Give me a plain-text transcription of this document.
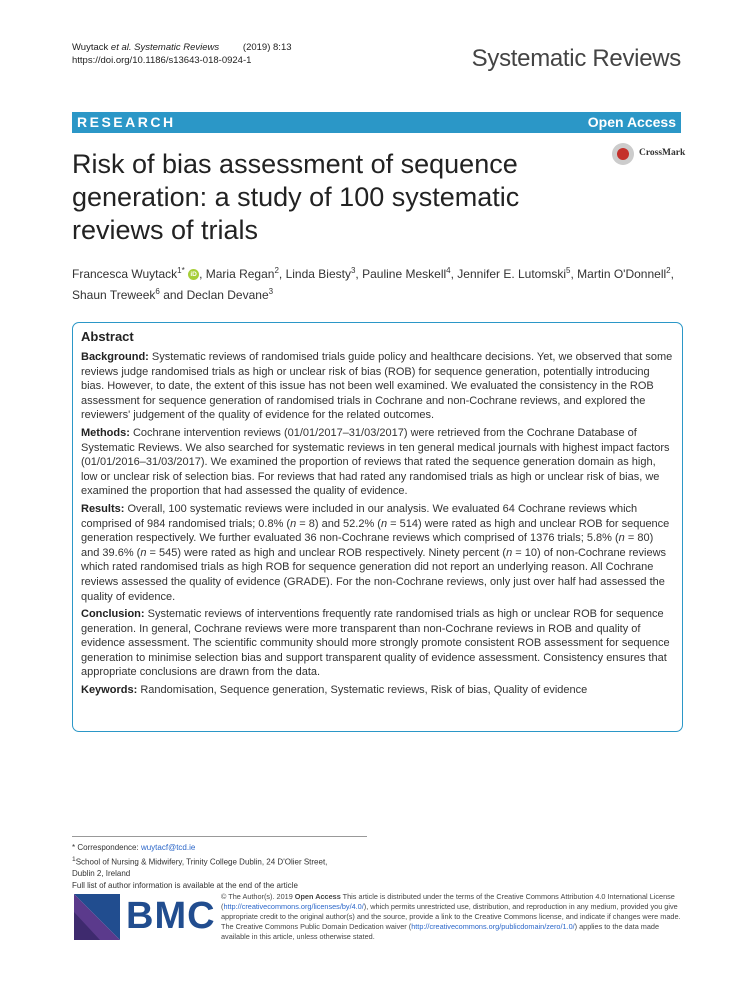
Wuytack et al. Systematic Reviews	(2019) 8:13
https://doi.org/10.1186/s13643-018-0924-1	Systematic Reviews
RESEARCH	Open Access
Risk of bias assessment of sequence
generation: a study of 100 systematic
reviews of trials
CrossMark
Francesca Wuytack$^{1*}$ iD , Maria Regan$^2$, Linda Biesty$^3$, Pauline Meskell$^4$, Jennifer E. Lutomski$^5$, Martin O'Donnell$^2$, Shaun Treweek$^6$ and Declan Devane$^3$
Abstract

Background: Systematic reviews of randomised trials guide policy and healthcare decisions. Yet, we observed that some reviews judge randomised trials as high or unclear risk of bias (ROB) for sequence generation, potentially introducing bias. However, to date, the extent of this issue has not been well examined. We evaluated the consistency in the ROB assessment for sequence generation of randomised trials in Cochrane and non-Cochrane reviews, and explored the reviewers' judgement of the quality of evidence for the related outcomes.

Methods: Cochrane intervention reviews (01/01/2017–31/03/2017) were retrieved from the Cochrane Database of Systematic Reviews. We also searched for systematic reviews in ten general medical journals with highest impact factors (01/01/2016–31/03/2017). We examined the proportion of reviews that rated the sequence generation domain as high, low or unclear risk of selection bias. For reviews that had rated any randomised trials as high or unclear risk of bias, we examined the proportion that had assessed the quality of evidence.

Results: Overall, 100 systematic reviews were included in our analysis. We evaluated 64 Cochrane reviews which comprised of 984 randomised trials; 0.8% (n = 8) and 52.2% (n = 514) were rated as high and unclear ROB for sequence generation respectively. We further evaluated 36 non-Cochrane reviews which comprised of 1376 trials; 5.8% (n = 80) and 39.6% (n = 545) were rated as high and unclear ROB respectively. Ninety percent (n = 10) of non-Cochrane reviews which rated randomised trials as high ROB for sequence generation did not report an underlying reason. All Cochrane reviews assessed the quality of evidence (GRADE). For the non-Cochrane reviews, only just over half had assessed the quality of evidence.

Conclusion: Systematic reviews of interventions frequently rate randomised trials as high or unclear ROB for sequence generation. In general, Cochrane reviews were more transparent than non-Cochrane reviews in ROB and quality of evidence assessment. The scientific community should more strongly promote consistent ROB assessment for sequence generation to minimise selection bias and support transparent quality of evidence assessment. Consistency ensures that appropriate conclusions are drawn from the data.

Keywords: Randomisation, Sequence generation, Systematic reviews, Risk of bias, Quality of evidence

* Correspondence: wuytacf@tcd.ie
$^1$School of Nursing & Midwifery, Trinity College Dublin, 24 D'Olier Street,
Dublin 2, Ireland
Full list of author information is available at the end of the article
BMC © The Author(s). 2019 Open Access This article is distributed under the terms of the Creative Commons Attribution 4.0 International License (http://creativecommons.org/licenses/by/4.0/), which permits unrestricted use, distribution, and reproduction in any medium, provided you give appropriate credit to the original author(s) and the source, provide a link to the Creative Commons license, and indicate if changes were made. The Creative Commons Public Domain Dedication waiver (http://creativecommons.org/publicdomain/zero/1.0/) applies to the data made available in this article, unless otherwise stated.
